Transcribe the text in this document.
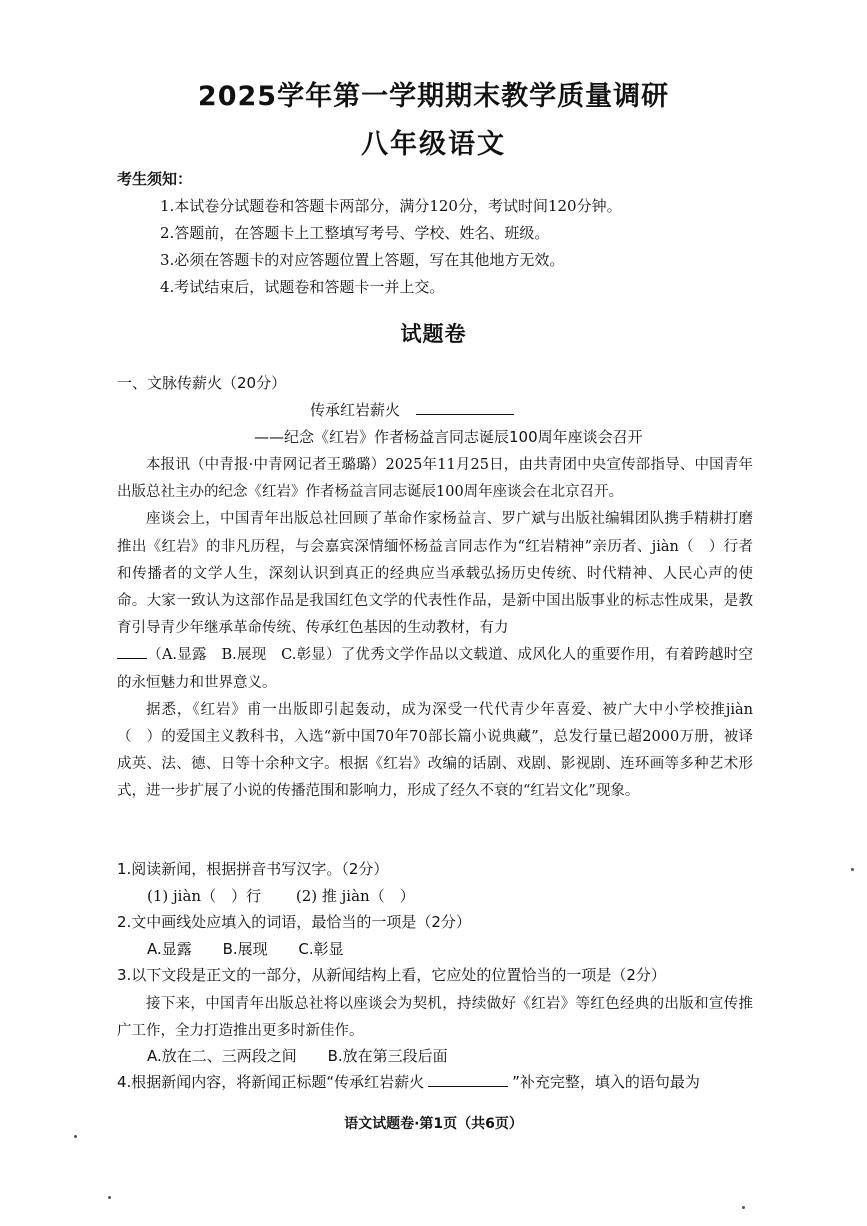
2025学年第一学期期末教学质量调研
八年级语文
考生须知：
1.本试卷分试题卷和答题卡两部分，满分120分，考试时间120分钟。
2.答题前，在答题卡上工整填写考号、学校、姓名、班级。
3.必须在答题卡的对应答题位置上答题，写在其他地方无效。
4.考试结束后，试题卷和答题卡一并上交。
试题卷
一、文脉传薪火（20分）
传承红岩薪火
——纪念《红岩》作者杨益言同志诞辰100周年座谈会召开

本报讯（中青报·中青网记者王璐璐）2025年11月25日，由共青团中央宣传部指导、中国青年出版总社主办的纪念《红岩》作者杨益言同志诞辰100周年座谈会在北京召开。

座谈会上，中国青年出版总社回顾了革命作家杨益言、罗广斌与出版社编辑团队携手精耕打磨推出《红岩》的非凡历程，与会嘉宾深情缅怀杨益言同志作为“红岩精神”亲历者、jiàn（　）行者和传播者的文学人生，深刻认识到真正的经典应当承载弘扬历史传统、时代精神、人民心声的使命。大家一致认为这部作品是我国红色文学的代表性作品，是新中国出版事业的标志性成果，是教育引导青少年继承革命传统、传承红色基因的生动教材，有力
（A.显露　B.展现　C.彰显）了优秀文学作品以文载道、成风化人的重要作用，有着跨越时空的永恒魅力和世界意义。

据悉，《红岩》甫一出版即引起轰动，成为深受一代代青少年喜爱、被广大中小学校推jiàn（　）的爱国主义教科书，入选“新中国70年70部长篇小说典藏”，总发行量已超2000万册，被译成英、法、德、日等十余种文字。根据《红岩》改编的话剧、戏剧、影视剧、连环画等多种艺术形式，进一步扩展了小说的传播范围和影响力，形成了经久不衰的“红岩文化”现象。

1.阅读新闻，根据拼音书写汉字。（2分）
(1) jiàn（　）行 (2) 推 jiàn（　）
2.文中画线处应填入的词语，最恰当的一项是（2分）
A.显露 B.展现 C.彰显
3.以下文段是正文的一部分，从新闻结构上看，它应处的位置恰当的一项是（2分）

接下来，中国青年出版总社将以座谈会为契机，持续做好《红岩》等红色经典的出版和宣传推广工作，全力打造推出更多时新佳作。

A.放在二、三两段之间 B.放在第三段后面
4.根据新闻内容，将新闻正标题“传承红岩薪火	”补充完整，填入的语句最为
语文试题卷·第1页（共6页）
